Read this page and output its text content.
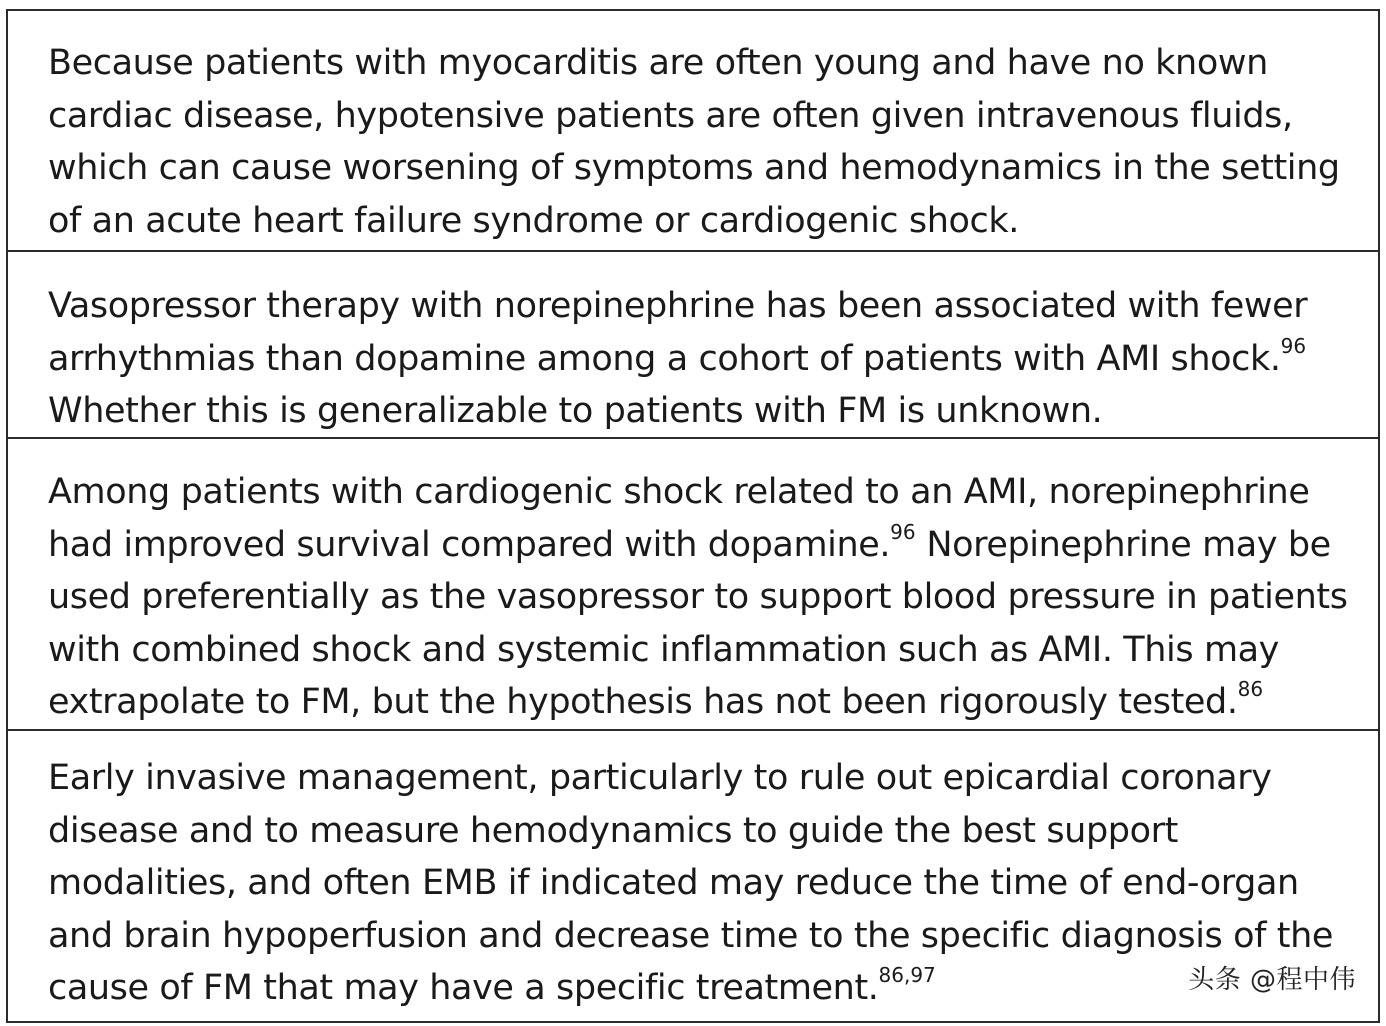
Because patients with myocarditis are often young and have no known cardiac disease, hypotensive patients are often given intravenous fluids, which can cause worsening of symptoms and hemodynamics in the setting of an acute heart failure syndrome or cardiogenic shock.
Vasopressor therapy with norepinephrine has been associated with fewer arrhythmias than dopamine among a cohort of patients with AMI shock.$^{96}$ Whether this is generalizable to patients with FM is unknown.
Among patients with cardiogenic shock related to an AMI, norepinephrine had improved survival compared with dopamine.$^{96}$ Norepinephrine may be used preferentially as the vasopressor to support blood pressure in patients with combined shock and systemic inflammation such as AMI. This may extrapolate to FM, but the hypothesis has not been rigorously tested.$^{86}$
Early invasive management, particularly to rule out epicardial coronary disease and to measure hemodynamics to guide the best support modalities, and often EMB if indicated may reduce the time of end-organ and brain hypoperfusion and decrease time to the specific diagnosis of the cause of FM that may have a specific treatment.$^{86,97}$	头条 @程中伟
